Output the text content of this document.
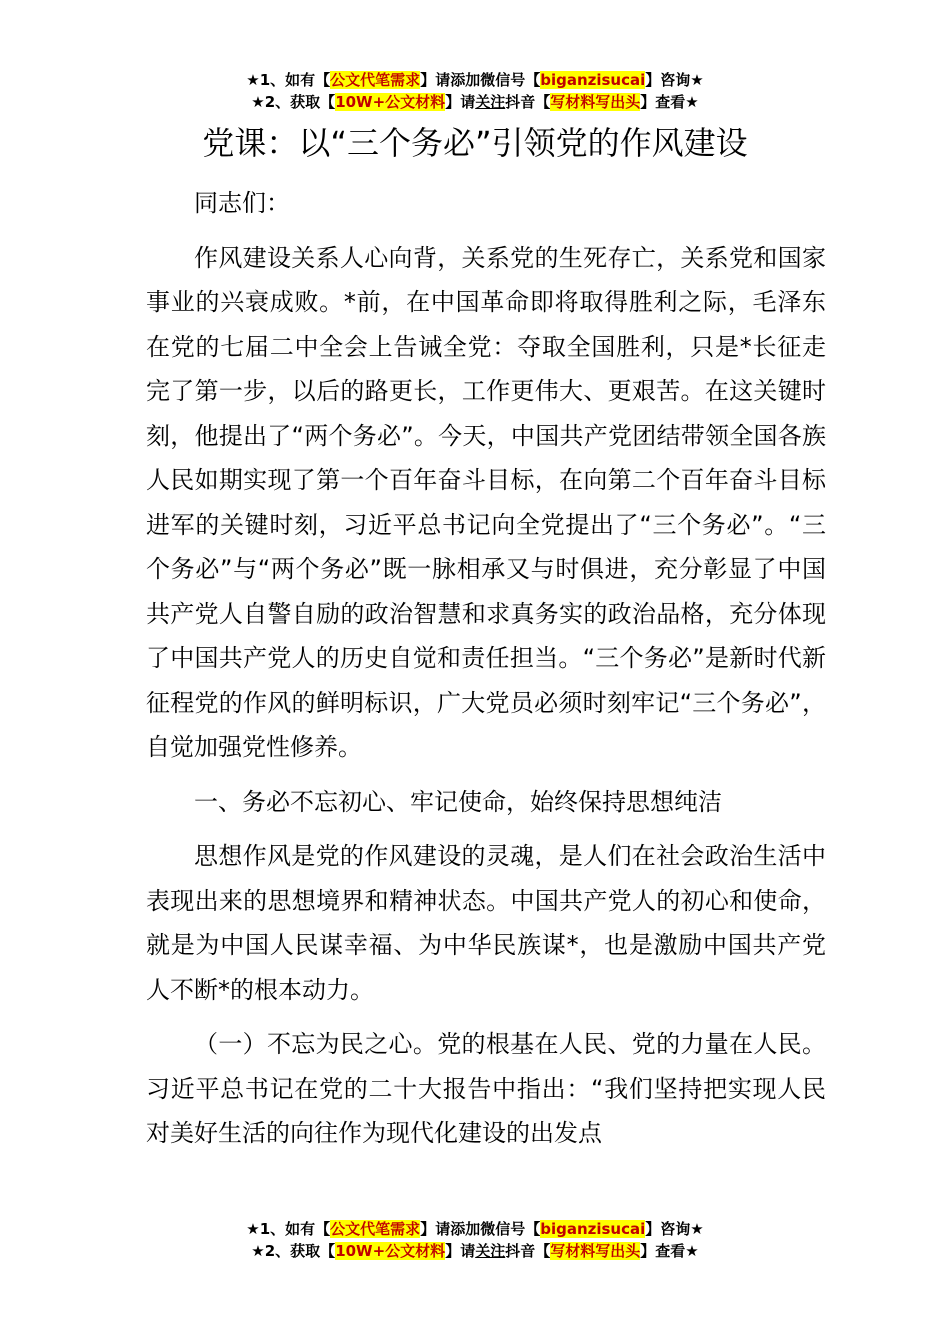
★1、如有【公文代笔需求】请添加微信号【biganzisucai】咨询★
★2、获取【10W+公文材料】请关注抖音【写材料写出头】查看★
党课：以“三个务必”引领党的作风建设

同志们：

作风建设关系人心向背，关系党的生死存亡，关系党和国家事业的兴衰成败。*前，在中国革命即将取得胜利之际，毛泽东在党的七届二中全会上告诫全党：夺取全国胜利，只是*长征走完了第一步，以后的路更长，工作更伟大、更艰苦。在这关键时刻，他提出了“两个务必”。今天，中国共产党团结带领全国各族人民如期实现了第一个百年奋斗目标，在向第二个百年奋斗目标进军的关键时刻，习近平总书记向全党提出了“三个务必”。“三个务必”与“两个务必”既一脉相承又与时俱进，充分彰显了中国共产党人自警自励的政治智慧和求真务实的政治品格，充分体现了中国共产党人的历史自觉和责任担当。“三个务必”是新时代新征程党的作风的鲜明标识，广大党员必须时刻牢记“三个务必”，自觉加强党性修养。

一、务必不忘初心、牢记使命，始终保持思想纯洁

思想作风是党的作风建设的灵魂，是人们在社会政治生活中表现出来的思想境界和精神状态。中国共产党人的初心和使命，就是为中国人民谋幸福、为中华民族谋*，也是激励中国共产党人不断*的根本动力。

（一）不忘为民之心。党的根基在人民、党的力量在人民。习近平总书记在党的二十大报告中指出：“我们坚持把实现人民对美好生活的向往作为现代化建设的出发点

★1、如有【公文代笔需求】请添加微信号【biganzisucai】咨询★
★2、获取【10W+公文材料】请关注抖音【写材料写出头】查看★
